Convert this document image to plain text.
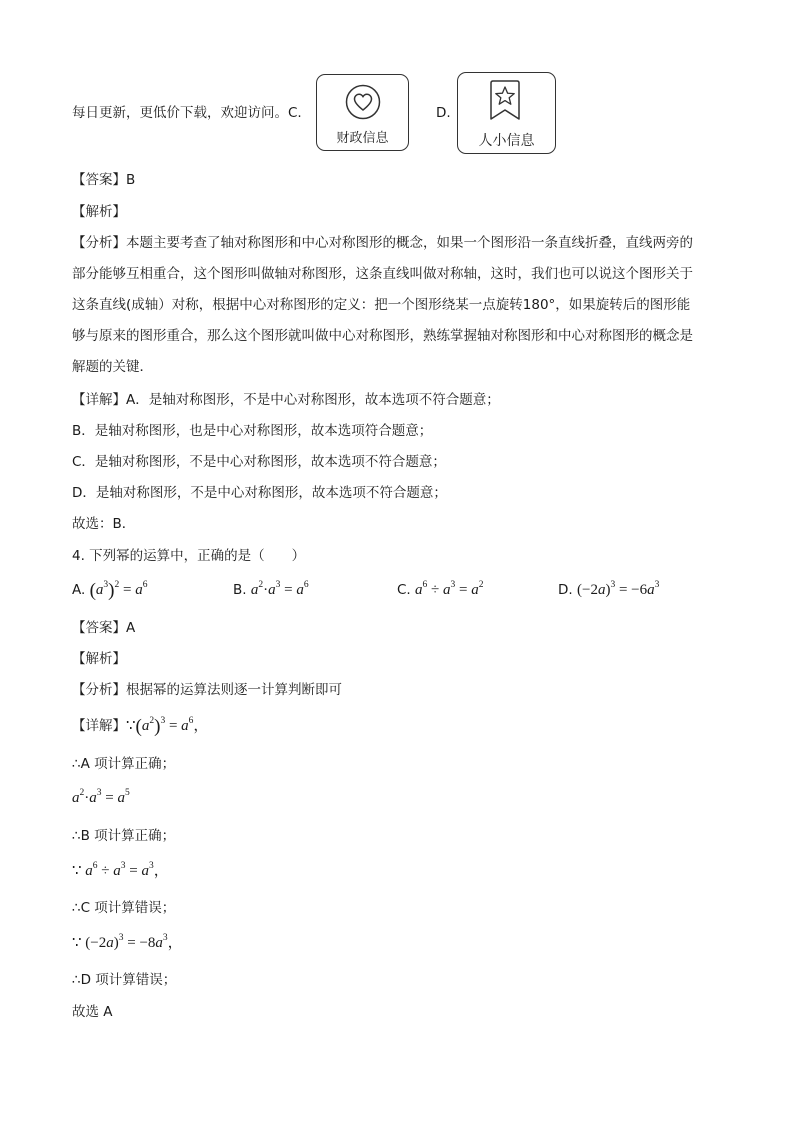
每日更新，更低价下载，欢迎访问。C.
财政信息
D.
人小信息
【答案】B
【解析】
【分析】本题主要考查了轴对称图形和中心对称图形的概念，如果一个图形沿一条直线折叠，直线两旁的
部分能够互相重合，这个图形叫做轴对称图形，这条直线叫做对称轴，这时，我们也可以说这个图形关于
这条直线(成轴）对称，根据中心对称图形的定义：把一个图形绕某一点旋转180°，如果旋转后的图形能
够与原来的图形重合，那么这个图形就叫做中心对称图形，熟练掌握轴对称图形和中心对称图形的概念是
解题的关键．
【详解】A．是轴对称图形，不是中心对称图形，故本选项不符合题意；
B．是轴对称图形，也是中心对称图形，故本选项符合题意；
C．是轴对称图形，不是中心对称图形，故本选项不符合题意；
D．是轴对称图形，不是中心对称图形，故本选项不符合题意；
故选：B．
4. 下列幂的运算中，正确的是（　　）
A. $(a^3)^2 = a^6$	B. $a^2\cdot a^3 = a^6$	C. $a^6 \div a^3 = a^2$	D. $(-2a)^3 = -6a^3$
【答案】A
【解析】
【分析】根据幂的运算法则逐一计算判断即可
【详解】$\because(a^2)^3 = a^6$，
∴A 项计算正确；
$a^2\cdot a^3 = a^5$
∴B 项计算正确；
∵ $a^6 \div a^3 = a^3$，
∴C 项计算错误；
∵ $(-2a)^3 = -8a^3$，
∴D 项计算错误；
故选 A
